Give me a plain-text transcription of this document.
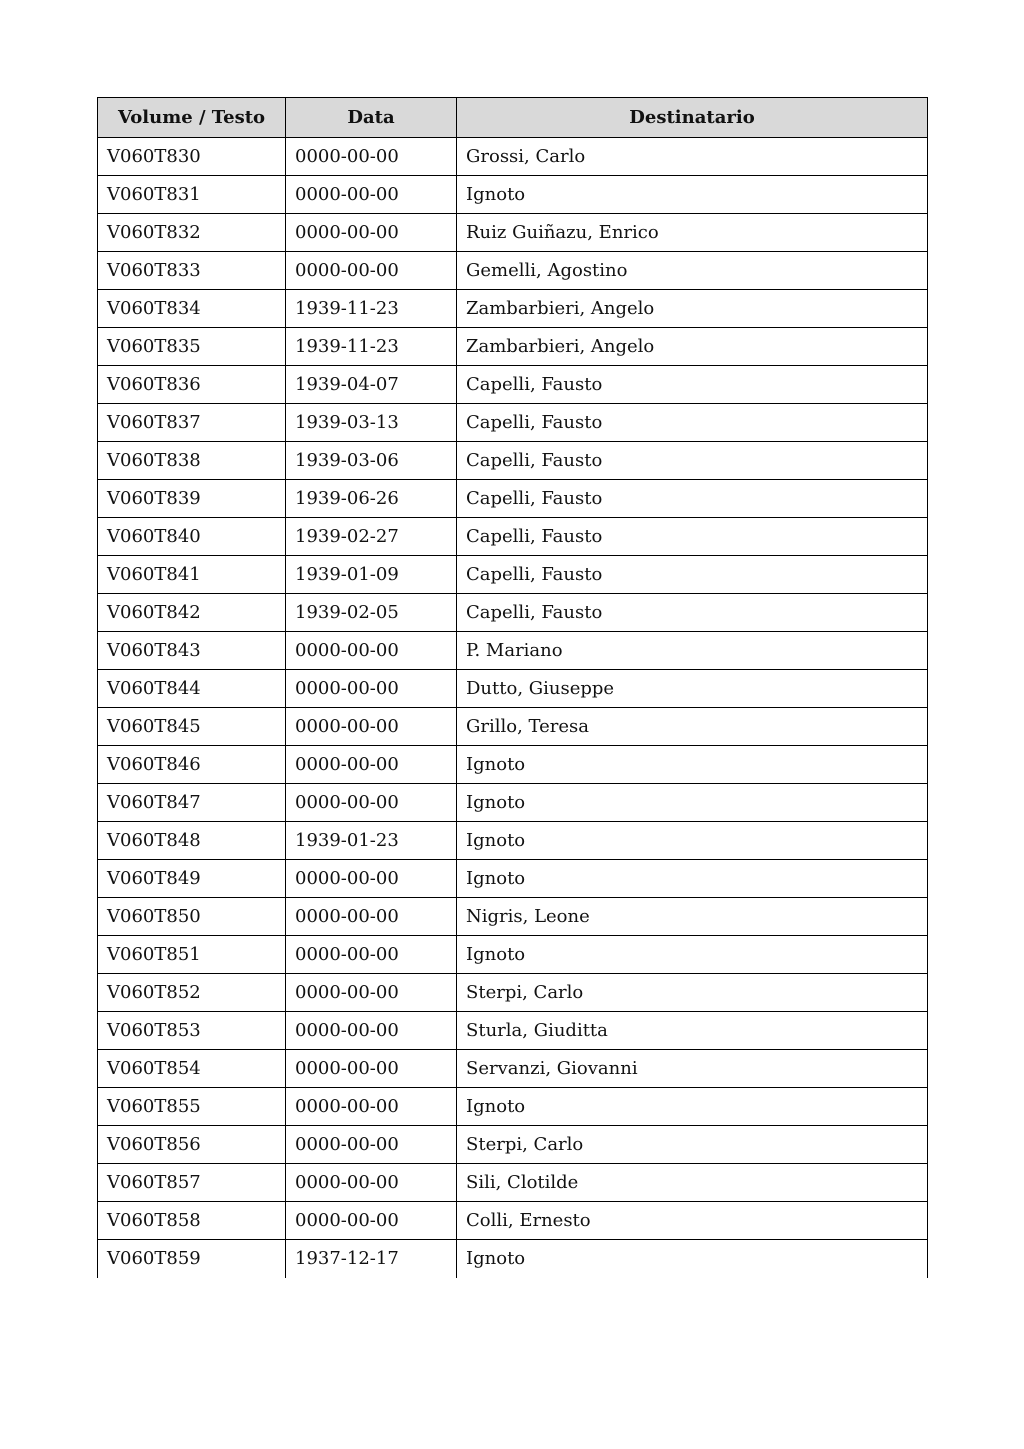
Volume / Testo	Data	Destinatario
V060T830	0000-00-00	Grossi, Carlo
V060T831	0000-00-00	Ignoto
V060T832	0000-00-00	Ruiz Guiñazu, Enrico
V060T833	0000-00-00	Gemelli, Agostino
V060T834	1939-11-23	Zambarbieri, Angelo
V060T835	1939-11-23	Zambarbieri, Angelo
V060T836	1939-04-07	Capelli, Fausto
V060T837	1939-03-13	Capelli, Fausto
V060T838	1939-03-06	Capelli, Fausto
V060T839	1939-06-26	Capelli, Fausto
V060T840	1939-02-27	Capelli, Fausto
V060T841	1939-01-09	Capelli, Fausto
V060T842	1939-02-05	Capelli, Fausto
V060T843	0000-00-00	P. Mariano
V060T844	0000-00-00	Dutto, Giuseppe
V060T845	0000-00-00	Grillo, Teresa
V060T846	0000-00-00	Ignoto
V060T847	0000-00-00	Ignoto
V060T848	1939-01-23	Ignoto
V060T849	0000-00-00	Ignoto
V060T850	0000-00-00	Nigris, Leone
V060T851	0000-00-00	Ignoto
V060T852	0000-00-00	Sterpi, Carlo
V060T853	0000-00-00	Sturla, Giuditta
V060T854	0000-00-00	Servanzi, Giovanni
V060T855	0000-00-00	Ignoto
V060T856	0000-00-00	Sterpi, Carlo
V060T857	0000-00-00	Sili, Clotilde
V060T858	0000-00-00	Colli, Ernesto
V060T859	1937-12-17	Ignoto
